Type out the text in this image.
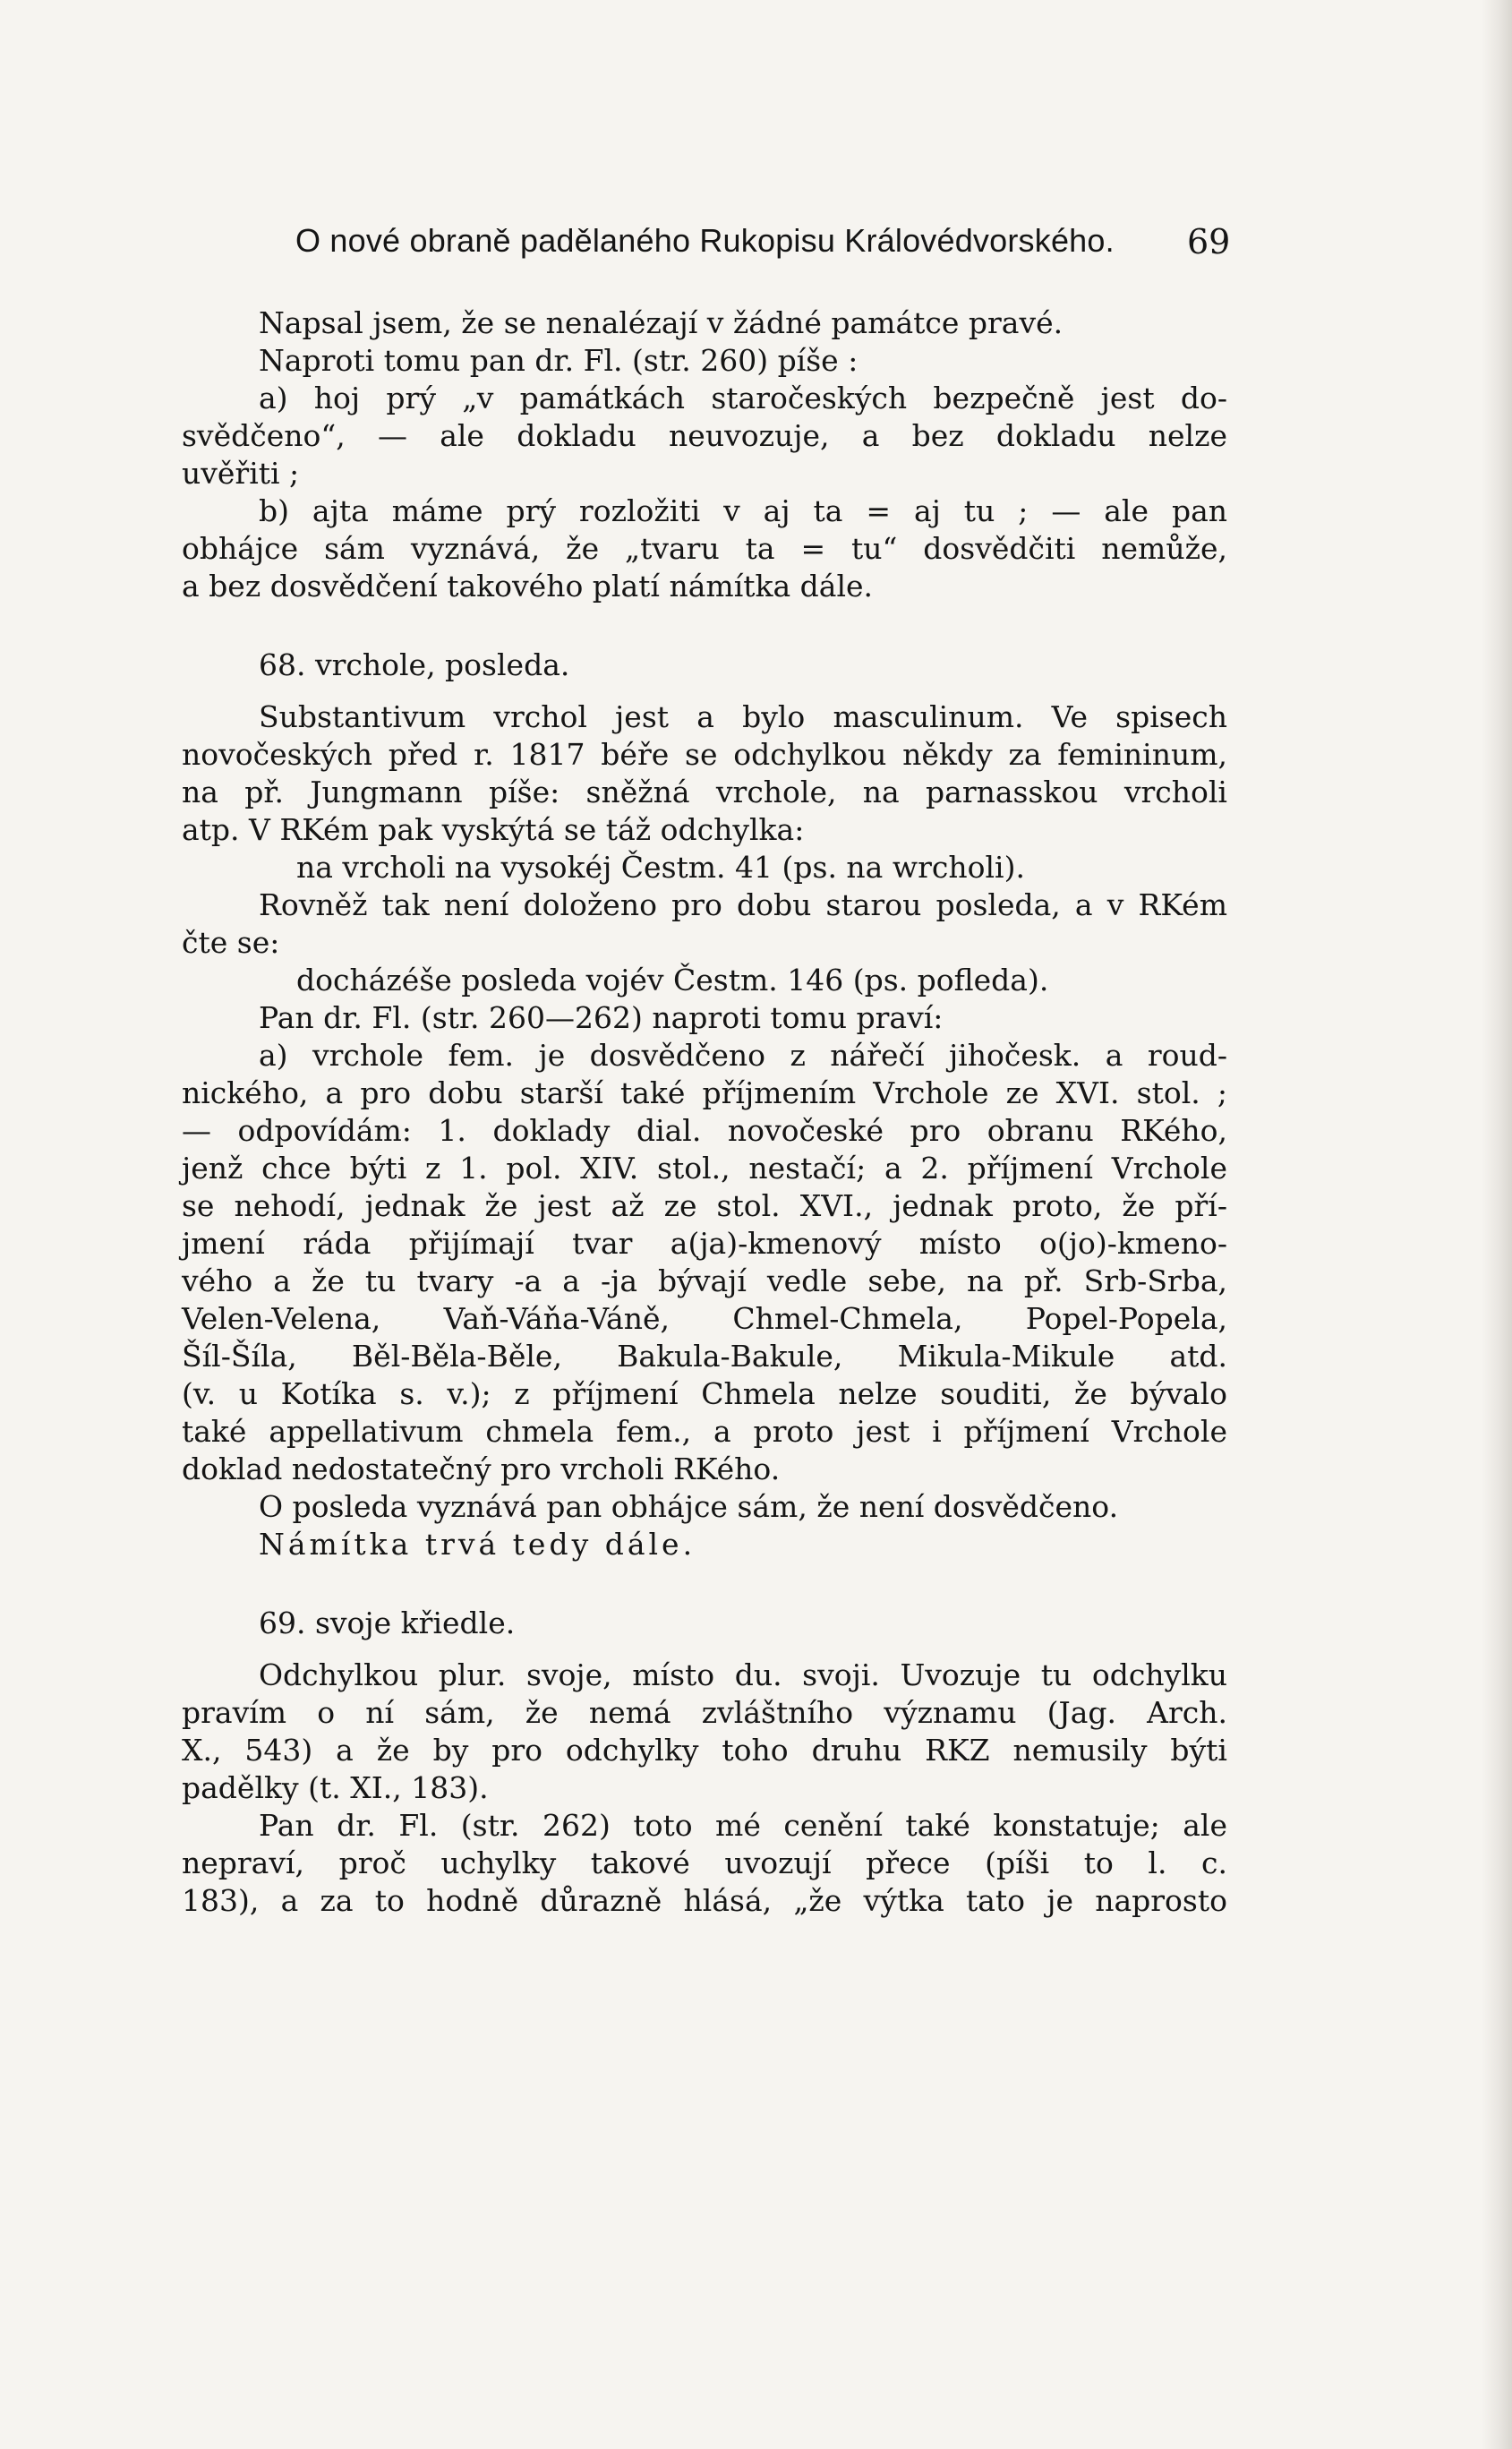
O nové obraně padělaného Rukopisu Královédvorského. 69
Napsal jsem, že se nenalézají v žádné památce pravé.
Naproti tomu pan dr. Fl. (str. 260) píše :
a) hoj prý „v památkách staročeských bezpečně jest do-
svědčeno“, — ale dokladu neuvozuje, a bez dokladu nelze
uvěřiti ;
b) ajta máme prý rozložiti v aj ta = aj tu ; — ale pan
obhájce sám vyznává, že „tvaru ta = tu“ dosvědčiti nemůže,
a bez dosvědčení takového platí námítka dále.
68. vrchole, posleda.
Substantivum vrchol jest a bylo masculinum. Ve spisech
novočeských před r. 1817 béře se odchylkou někdy za femininum,
na př. Jungmann píše: sněžná vrchole, na parnasskou vrcholi
atp. V RKém pak vyskýtá se táž odchylka:
na vrcholi na vysokéj Čestm. 41 (ps. na wrcholi).
Rovněž tak není doloženo pro dobu starou posleda, a v RKém
čte se:
docházéše posleda vojév Čestm. 146 (ps. pofleda).
Pan dr. Fl. (str. 260—262) naproti tomu praví:
a) vrchole fem. je dosvědčeno z nářečí jihočesk. a roud-
nického, a pro dobu starší také příjmením Vrchole ze XVI. stol. ;
— odpovídám: 1. doklady dial. novočeské pro obranu RKého,
jenž chce býti z 1. pol. XIV. stol., nestačí; a 2. příjmení Vrchole
se nehodí, jednak že jest až ze stol. XVI., jednak proto, že pří-
jmení ráda přijímají tvar a(ja)-kmenový místo o(jo)-kmeno-
vého a že tu tvary -a a -ja bývají vedle sebe, na př. Srb-Srba,
Velen-Velena, Vaň-Váňa-Váně, Chmel-Chmela, Popel-Popela,
Šíl-Šíla, Běl-Běla-Běle, Bakula-Bakule, Mikula-Mikule atd.
(v. u Kotíka s. v.); z příjmení Chmela nelze souditi, že bývalo
také appellativum chmela fem., a proto jest i příjmení Vrchole
doklad nedostatečný pro vrcholi RKého.
O posleda vyznává pan obhájce sám, že není dosvědčeno.
Námítka trvá tedy dále.
69. svoje křiedle.
Odchylkou plur. svoje, místo du. svoji. Uvozuje tu odchylku
pravím o ní sám, že nemá zvláštního významu (Jag. Arch.
X., 543) a že by pro odchylky toho druhu RKZ nemusily býti
padělky (t. XI., 183).
Pan dr. Fl. (str. 262) toto mé cenění také konstatuje; ale
nepraví, proč uchylky takové uvozují přece (píši to l. c.
183), a za to hodně důrazně hlásá, „že výtka tato je naprosto
